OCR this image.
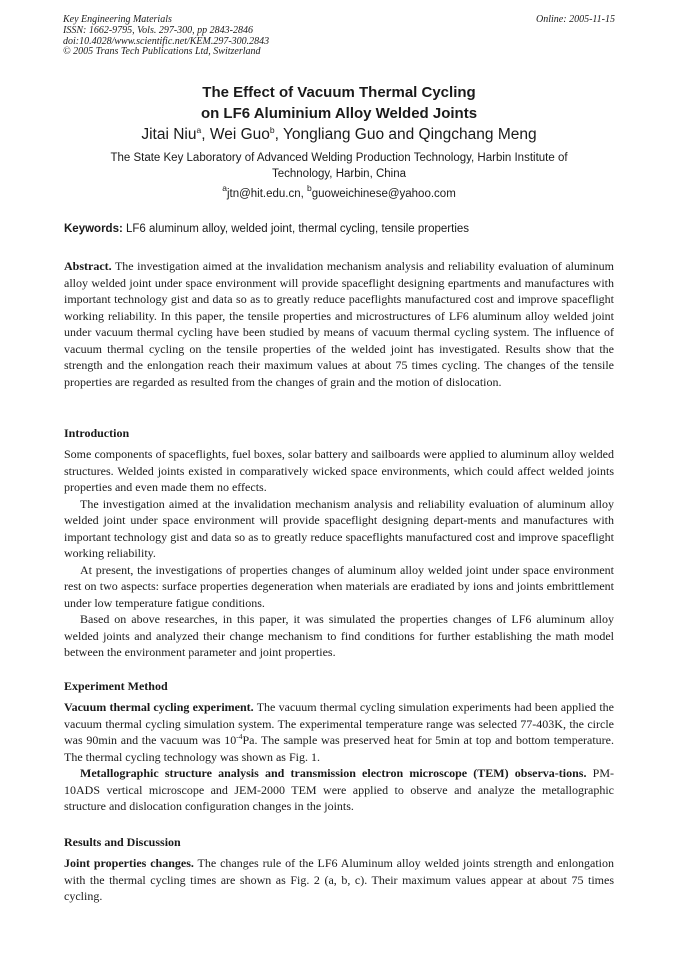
Key Engineering Materials
ISSN: 1662-9795, Vols. 297-300, pp 2843-2846
doi:10.4028/www.scientific.net/KEM.297-300.2843
© 2005 Trans Tech Publications Ltd, Switzerland
Online: 2005-11-15
The Effect of Vacuum Thermal Cycling
on LF6 Aluminium Alloy Welded Joints
Jitai Niu$^a$, Wei Guo$^b$, Yongliang Guo and Qingchang Meng
The State Key Laboratory of Advanced Welding Production Technology, Harbin Institute of Technology, Harbin, China
$^a$jtn@hit.edu.cn, $^b$guoweichinese@yahoo.com
Keywords: LF6 aluminum alloy, welded joint, thermal cycling, tensile properties

Abstract. The investigation aimed at the invalidation mechanism analysis and reliability evaluation of aluminum alloy welded joint under space environment will provide spaceflight designing epartments and manufactures with important technology gist and data so as to greatly reduce paceflights manufactured cost and improve spaceflight working reliability. In this paper, the tensile properties and microstructures of LF6 aluminum alloy welded joint under vacuum thermal cycling have been studied by means of vacuum thermal cycling system. The influence of vacuum thermal cycling on the tensile properties of the welded joint has investigated. Results show that the strength and the enlongation reach their maximum values at about 75 times cycling. The changes of the tensile properties are regarded as resulted from the changes of grain and the motion of dislocation.

Introduction

Some components of spaceflights, fuel boxes, solar battery and sailboards were applied to aluminum alloy welded structures. Welded joints existed in comparatively wicked space environments, which could affect welded joints properties and even made them no effects.

The investigation aimed at the invalidation mechanism analysis and reliability evaluation of aluminum alloy welded joint under space environment will provide spaceflight designing depart-ments and manufactures with important technology gist and data so as to greatly reduce spaceflights manufactured cost and improve spaceflight working reliability.

At present, the investigations of properties changes of aluminum alloy welded joint under space environment rest on two aspects: surface properties degeneration when materials are eradiated by ions and joints embrittlement under low temperature fatigue conditions.

Based on above researches, in this paper, it was simulated the properties changes of LF6 aluminum alloy welded joints and analyzed their change mechanism to find conditions for further establishing the math model between the environment parameter and joint properties.

Experiment Method

Vacuum thermal cycling experiment. The vacuum thermal cycling simulation experiments had been applied the vacuum thermal cycling simulation system. The experimental temperature range was selected 77-403K, the circle was 90min and the vacuum was $10^{-4}Pa$. The sample was preserved heat for 5min at top and bottom temperature. The thermal cycling technology was shown as Fig. 1.

Metallographic structure analysis and transmission electron microscope (TEM) observa-tions. PM-10ADS vertical microscope and JEM-2000 TEM were applied to observe and analyze the metallographic structure and dislocation configuration changes in the joints.

Results and Discussion

Joint properties changes. The changes rule of the LF6 Aluminum alloy welded joints strength and enlongation with the thermal cycling times are shown as Fig. 2 (a, b, c). Their maximum values appear at about 75 times cycling.
